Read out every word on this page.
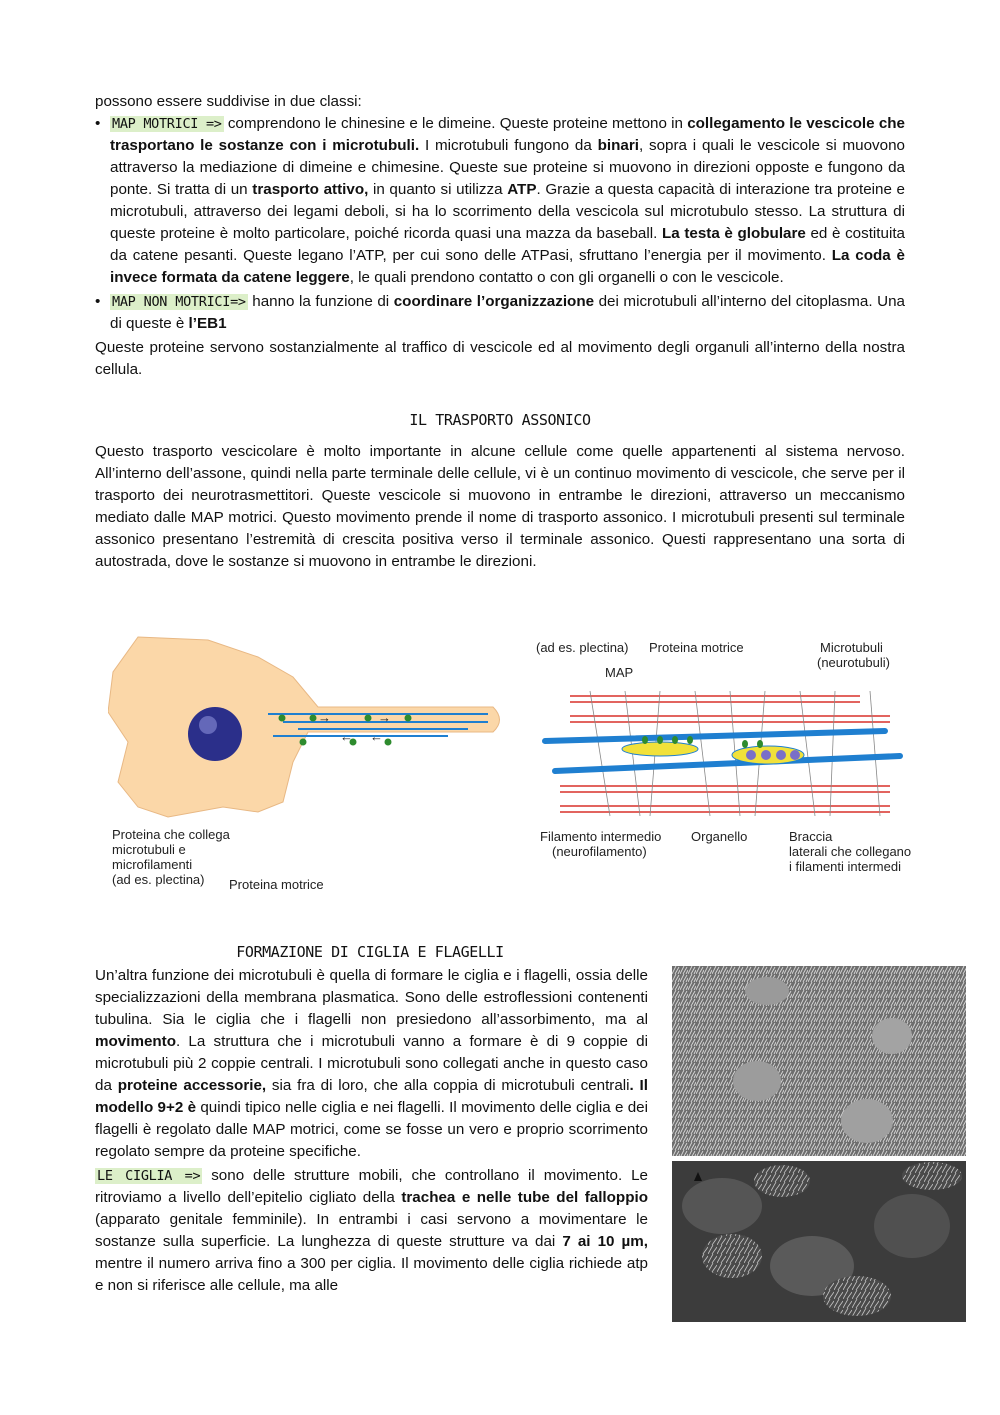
possono essere suddivise in due classi:

• MAP MOTRICI => comprendono le chinesine e le dimeine. Queste proteine mettono in collegamento le vescicole che trasportano le sostanze con i microtubuli. I microtubuli fungono da binari, sopra i quali le vescicole si muovono attraverso la mediazione di dimeine e chimesine. Queste sue proteine si muovono in direzioni opposte e fungono da ponte. Si tratta di un trasporto attivo, in quanto si utilizza ATP. Grazie a questa capacità di interazione tra proteine e microtubuli, attraverso dei legami deboli, si ha lo scorrimento della vescicola sul microtubulo stesso. La struttura di queste proteine è molto particolare, poiché ricorda quasi una mazza da baseball. La testa è globulare ed è costituita da catene pesanti. Queste legano l’ATP, per cui sono delle ATPasi, sfruttano l’energia per il movimento. La coda è invece formata da catene leggere, le quali prendono contatto o con gli organelli o con le vescicole.

• MAP NON MOTRICI=> hanno la funzione di coordinare l’organizzazione dei microtubuli all’interno del citoplasma. Una di queste è l’EB1

Queste proteine servono sostanzialmente al traffico di vescicole ed al movimento degli organuli all’interno della nostra cellula.

IL TRASPORTO ASSONICO
Questo trasporto vescicolare è molto importante in alcune cellule come quelle appartenenti al sistema nervoso. All’interno dell’assone, quindi nella parte terminale delle cellule, vi è un continuo movimento di vescicole, che serve per il trasporto dei neurotrasmettitori. Queste vescicole si muovono in entrambe le direzioni, attraverso un meccanismo mediato dalle MAP motrici. Questo movimento prende il nome di trasporto assonico. I microtubuli presenti sul terminale assonico presentano l’estremità di crescita positiva verso il terminale assonico. Questi rappresentano una sorta di autostrada, dove le sostanze si muovono in entrambe le direzioni.
→	→
← ←
Proteina che collega
microtubuli e
microfilamenti
(ad es. plectina) Proteina motrice
(ad es. plectina) Proteina motrice
MAP
Microtubuli
(neurotubuli)
Filamento intermedio
(neurofilamento)
Organello	Braccia
laterali che collegano
i filamenti intermedi
FORMAZIONE DI CIGLIA E FLAGELLI

Un’altra funzione dei microtubuli è quella di formare le ciglia e i flagelli, ossia delle specializzazioni della membrana plasmatica. Sono delle estroflessioni contenenti tubulina. Sia le ciglia che i flagelli non presiedono all’assorbimento, ma al movimento. La struttura che i microtubuli vanno a formare è di 9 coppie di microtubuli più 2 coppie centrali. I microtubuli sono collegati anche in questo caso da proteine accessorie, sia fra di loro, che alla coppia di microtubuli centrali. Il modello 9+2 è quindi tipico nelle ciglia e nei flagelli. Il movimento delle ciglia e dei flagelli è regolato dalle MAP motrici, come se fosse un vero e proprio scorrimento regolato sempre da proteine specifiche.

LE CIGLIA => sono delle strutture mobili, che controllano il movimento. Le ritroviamo a livello dell’epitelio cigliato della trachea e nelle tube del falloppio (apparato genitale femminile). In entrambi i casi servono a movimentare le sostanze sulla superficie. La lunghezza di queste strutture va dai 7 ai 10 µm, mentre il numero arriva fino a 300 per ciglia. Il movimento delle ciglia richiede atp e non si riferisce alle cellule, ma alle
